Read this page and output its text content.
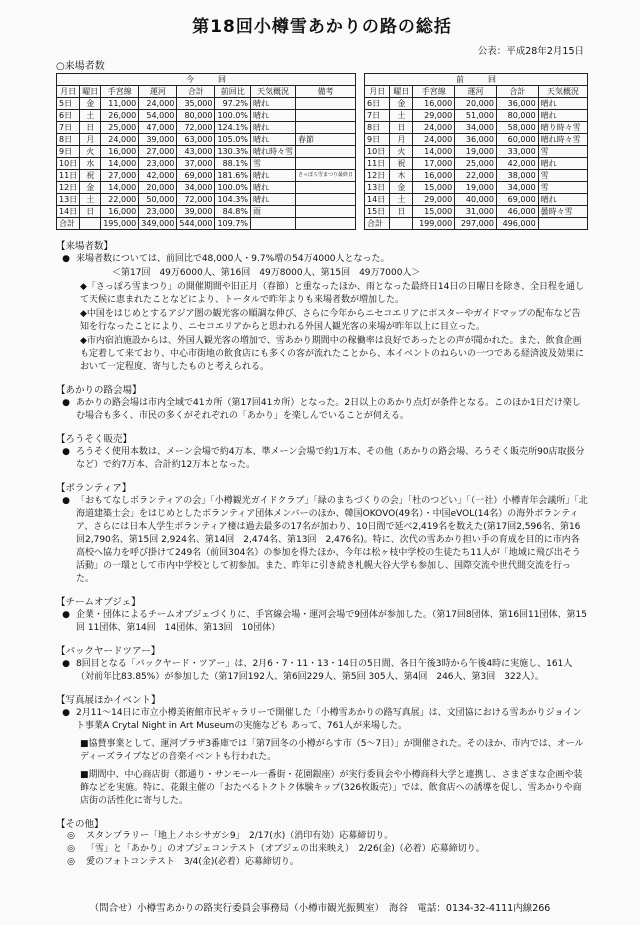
第18回小樽雪あかりの路の総括
公表：平成28年2月15日
○来場者数
今　　　回							
月日	曜日	手宮線	運河	合計	前回比	天気概況	備考
5日	金	11,000	24,000	35,000	97.2%	晴れ	
6日	土	26,000	54,000	80,000	100.0%	晴れ	
7日	日	25,000	47,000	72,000	124.1%	晴れ	
8日	月	24,000	39,000	63,000	105.0%	晴れ	春節
9日	火	16,000	27,000	43,000	130.3%	晴れ時々雪	
10日	水	14,000	23,000	37,000	88.1%	雪	
11日	祝	27,000	42,000	69,000	181.6%	晴れ	さっぽろ雪まつり最終日
12日	金	14,000	20,000	34,000	100.0%	晴れ	
13日	土	22,000	50,000	72,000	104.3%	晴れ	
14日	日	16,000	23,000	39,000	84.8%	雨	
合計		195,000	349,000	544,000	109.7%		
前　　　回					
月日	曜日	手宮線	運河	合計	天気概況
6日	金	16,000	20,000	36,000	晴れ
7日	土	29,000	51,000	80,000	晴れ
8日	日	24,000	34,000	58,000	晴り時々雪
9日	月	24,000	36,000	60,000	晴れ時々雪
10日	火	14,000	19,000	33,000	雪
11日	祝	17,000	25,000	42,000	晴れ
12日	木	16,000	22,000	38,000	雪
13日	金	15,000	19,000	34,000	雪
14日	土	29,000	40,000	69,000	晴れ
15日	日	15,000	31,000	46,000	曇時々雪
合計		199,000	297,000	496,000	
【来場者数】
● 来場者数については、前回比で48,000人・9.7%増の54万4000人となった。
＜第17回　49万6000人、第16回　49万8000人、第15回　49万7000人＞
◆「さっぽろ雪まつり」の開催期間や旧正月（春節）と重なったほか、雨となった最終日14日の日曜日を除き、全日程を通して天候に恵まれたことなどにより、トータルで昨年よりも来場者数が増加した。
◆中国をはじめとするアジア圏の観光客の順調な伸び、さらに今年からニセコエリアにポスターやガイドマップの配布など告知を行なったことにより、ニセコエリアからと思われる外国人観光客の来場が昨年以上に目立った。
◆市内宿泊施設からは、外国人観光客の増加で、雪あかり期間中の稼働率は良好であったとの声が聞かれた。また、飲食企画も定着して来ており、中心市街地の飲食店にも多くの客が流れたことから、本イベントのねらいの一つである経済波及効果において一定程度、寄与したものと考えられる。
【あかりの路会場】
● あかりの路会場は市内全域で41カ所（第17回41カ所）となった。2日以上のあかり点灯が条件となる。このほか1日だけ楽しむ場合も多く、市民の多くがそれぞれの「あかり」を楽しんでいることが伺える。
【ろうそく販売】
● ろうそく使用本数は、メーン会場で約4万本、準メーン会場で約1万本、その他（あかりの路会場、ろうそく販売所90店取扱分など）で約7万本、合計約12万本となった。
【ボランティア】
● 「おもてなしボランティアの会」「小樽観光ガイドクラブ」「緑のまちづくりの会」「杜のつどい」「（一社）小樽青年会議所」「北海道建築士会」をはじめとしたボランティア団体メンバーのほか、韓国OKOVO(49名）・中国eVOL(14名）の海外ボランティア、さらには日本人学生ボランティア棲は過去最多の17名が加わり、10日間で延べ2,419名を数えた(第17回2,596名、第16回2,790名、第15回 2,924名、第14回　2,474名、第13回　2,476名)。特に、次代の雪あかり担い手の育成を目的に市内各高校へ協力を呼び掛けて249名（前回304名）の参加を得たほか、今年は松ヶ枝中学校の生徒たち11人が「地域に飛び出そう活動」の一環として市内中学校として初参加。また、昨年に引き続き札幌大谷大学も参加し、国際交流や世代間交流を行った。
【チームオブジェ】
● 企業・団体によるチームオブジェづくりに、手宮線会場・運河会場で9団体が参加した。（第17回8団体、第16回11団体、第15回 11団体、第14回　14団体、第13回　10団体）
【バックヤードツアー】
● 8回目となる「バックヤード・ツアー」は、2月6・7・11・13・14日の5日間、各日午後3時から午後4時に実施し、161人（対前年比83.85%）が参加した（第17回192人、第6回229人、第5回 305人、第4回　246人、第3回　322人）。
【写真展ほかイベント】
● 2月11～14日に市立小樽美術館市民ギャラリーで開催した「小樽雪あかりの路写真展」は、文団協における雪あかりジョイント事業A Crytal Night in Art Museumの実施なども あって、761人が来場した。
■協賛事業として、運河プラザ3番庫では「第7回冬の小樽がらす市（5～7日）」が開催された。そのほか、市内では、オールディーズライブなどの音楽イベントも行われた。
■期間中、中心商店街（都通り・サンモール一番街・花園銀座）が実行委員会や小樽商科大学と連携し、さまざまな企画や装飾などを実施。特に、花銀主催の「おたべるトクトク体験キップ(326枚販売）」では、飲食店への誘導を促し、雪あかりや商店街の活性化に寄与した。
【その他】
◎	スタンプラリー「地上ノホシサガシ9」　2/17(水)（消印有効）応募締切り。
◎	「雪」と「あかり」のオブジェコンテスト（オブジェの出来映え）　2/26(金)（必着）応募締切り。
◎	愛のフォトコンテスト　3/4(金)(必着）応募締切り。
（問合せ）小樽雪あかりの路実行委員会事務局（小樽市観光振興室）　海谷　電話：0134-32-4111内線266
